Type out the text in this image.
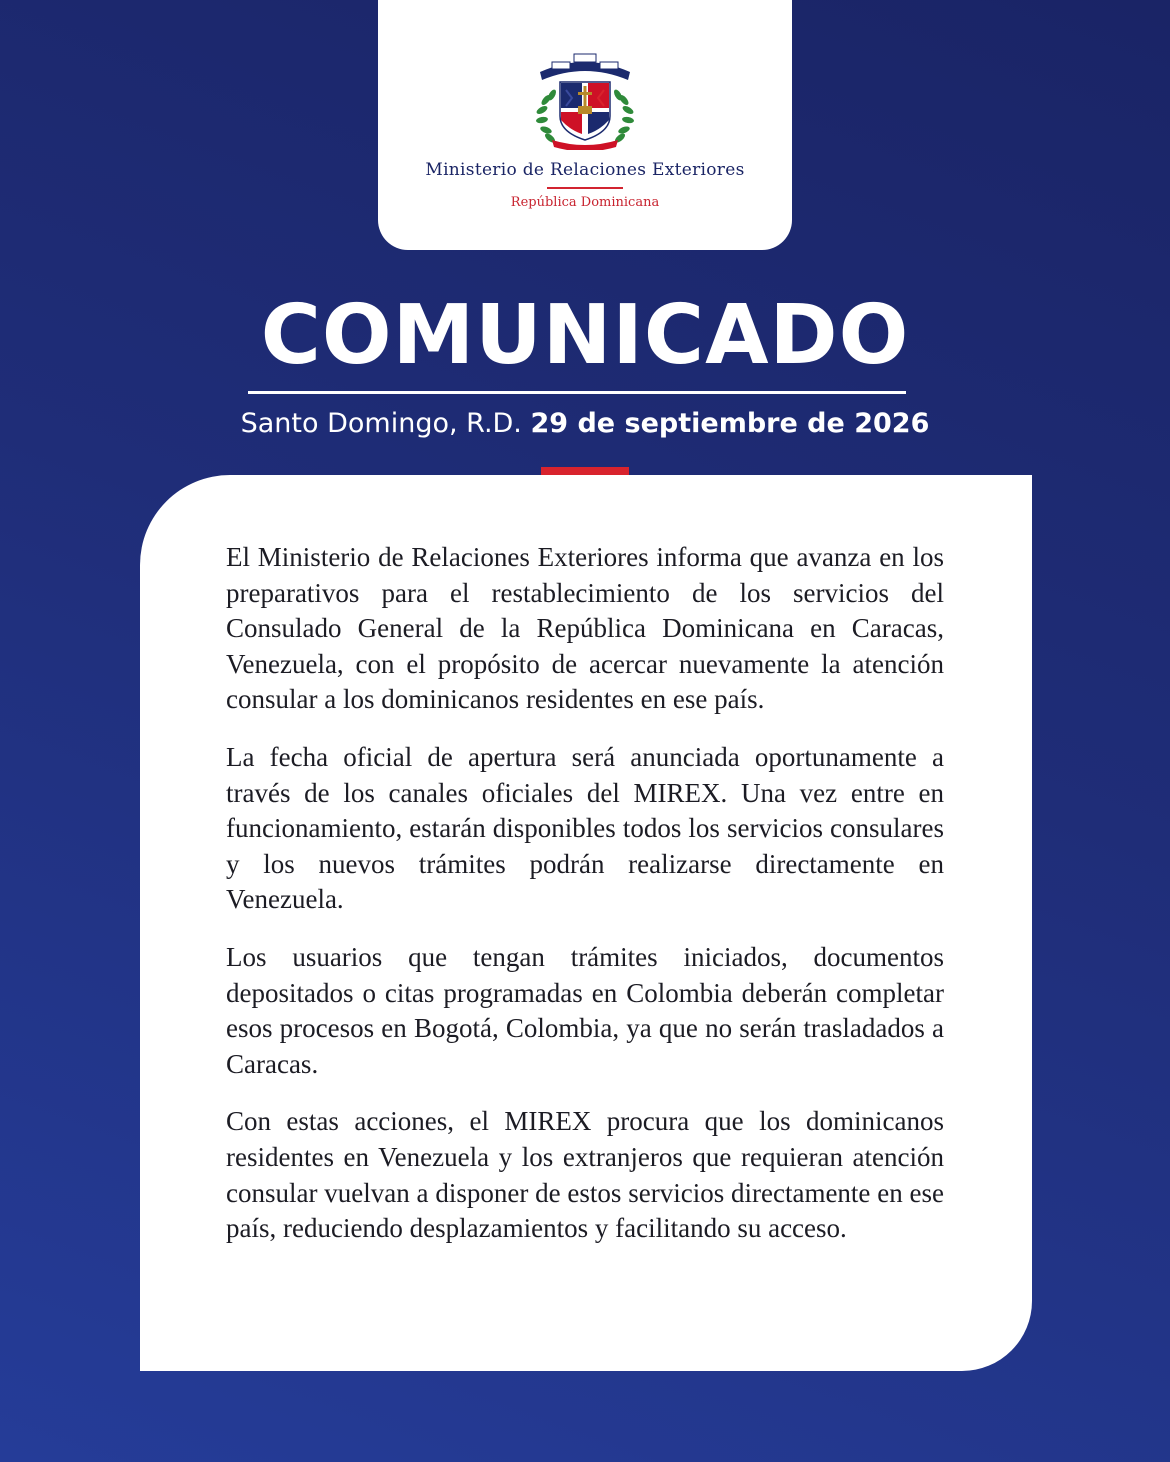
Ministerio de Relaciones Exteriores
República Dominicana
COMUNICADO
Santo Domingo, R.D. 29 de septiembre de 2026

El Ministerio de Relaciones Exteriores informa que avanza en los preparativos para el restablecimiento de los servicios del Consulado General de la República Dominicana en Caracas, Venezuela, con el propósito de acercar nuevamente la atención consular a los dominicanos residentes en ese país.

La fecha oficial de apertura será anunciada oportunamente a través de los canales oficiales del MIREX. Una vez entre en funcionamiento, estarán disponibles todos los servicios consulares y los nuevos trámites podrán realizarse directamente en Venezuela.

Los usuarios que tengan trámites iniciados, documentos depositados o citas programadas en Colombia deberán completar esos procesos en Bogotá, Colombia, ya que no serán trasladados a Caracas.

Con estas acciones, el MIREX procura que los dominicanos residentes en Venezuela y los extranjeros que requieran atención consular vuelvan a disponer de estos servicios directamente en ese país, reduciendo desplazamientos y facilitando su acceso.
